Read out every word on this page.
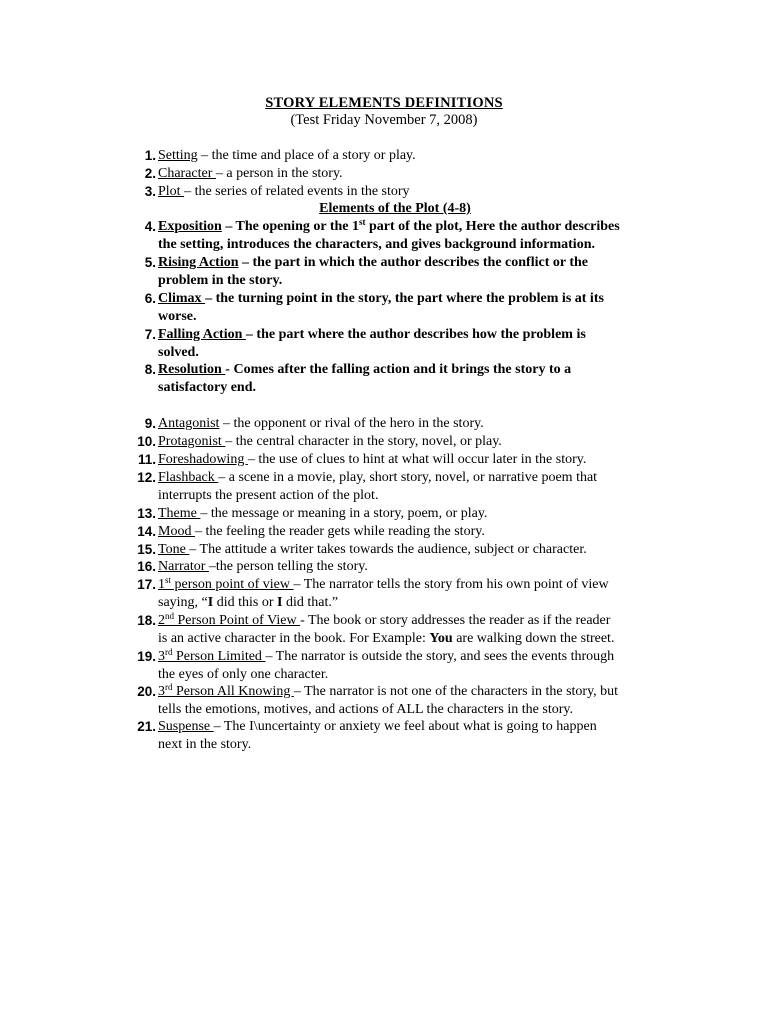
STORY ELEMENTS DEFINITIONS
(Test Friday November 7, 2008)
1. Setting – the time and place of a story or play.
2. Character – a person in the story.
3. Plot – the series of related events in the story
Elements of the Plot (4-8)
4. Exposition – The opening or the 1st part of the plot, Here the author describes
the setting, introduces the characters, and gives background information.
5. Rising Action – the part in which the author describes the conflict or the
problem in the story.
6. Climax – the turning point in the story, the part where the problem is at its
worse.
7. Falling Action – the part where the author describes how the problem is
solved.
8. Resolution - Comes after the falling action and it brings the story to a
satisfactory end.
9. Antagonist – the opponent or rival of the hero in the story.
10. Protagonist – the central character in the story, novel, or play.
11. Foreshadowing – the use of clues to hint at what will occur later in the story.
12. Flashback – a scene in a movie, play, short story, novel, or narrative poem that
interrupts the present action of the plot.
13. Theme – the message or meaning in a story, poem, or play.
14. Mood – the feeling the reader gets while reading the story.
15. Tone – The attitude a writer takes towards the audience, subject or character.
16. Narrator –the person telling the story.
17. 1st person point of view – The narrator tells the story from his own point of view
saying, “I did this or I did that.”
18. 2nd Person Point of View - The book or story addresses the reader as if the reader
is an active character in the book. For Example: You are walking down the street.
19. 3rd Person Limited – The narrator is outside the story, and sees the events through
the eyes of only one character.
20. 3rd Person All Knowing – The narrator is not one of the characters in the story, but
tells the emotions, motives, and actions of ALL the characters in the story.
21. Suspense – The I\uncertainty or anxiety we feel about what is going to happen
next in the story.
